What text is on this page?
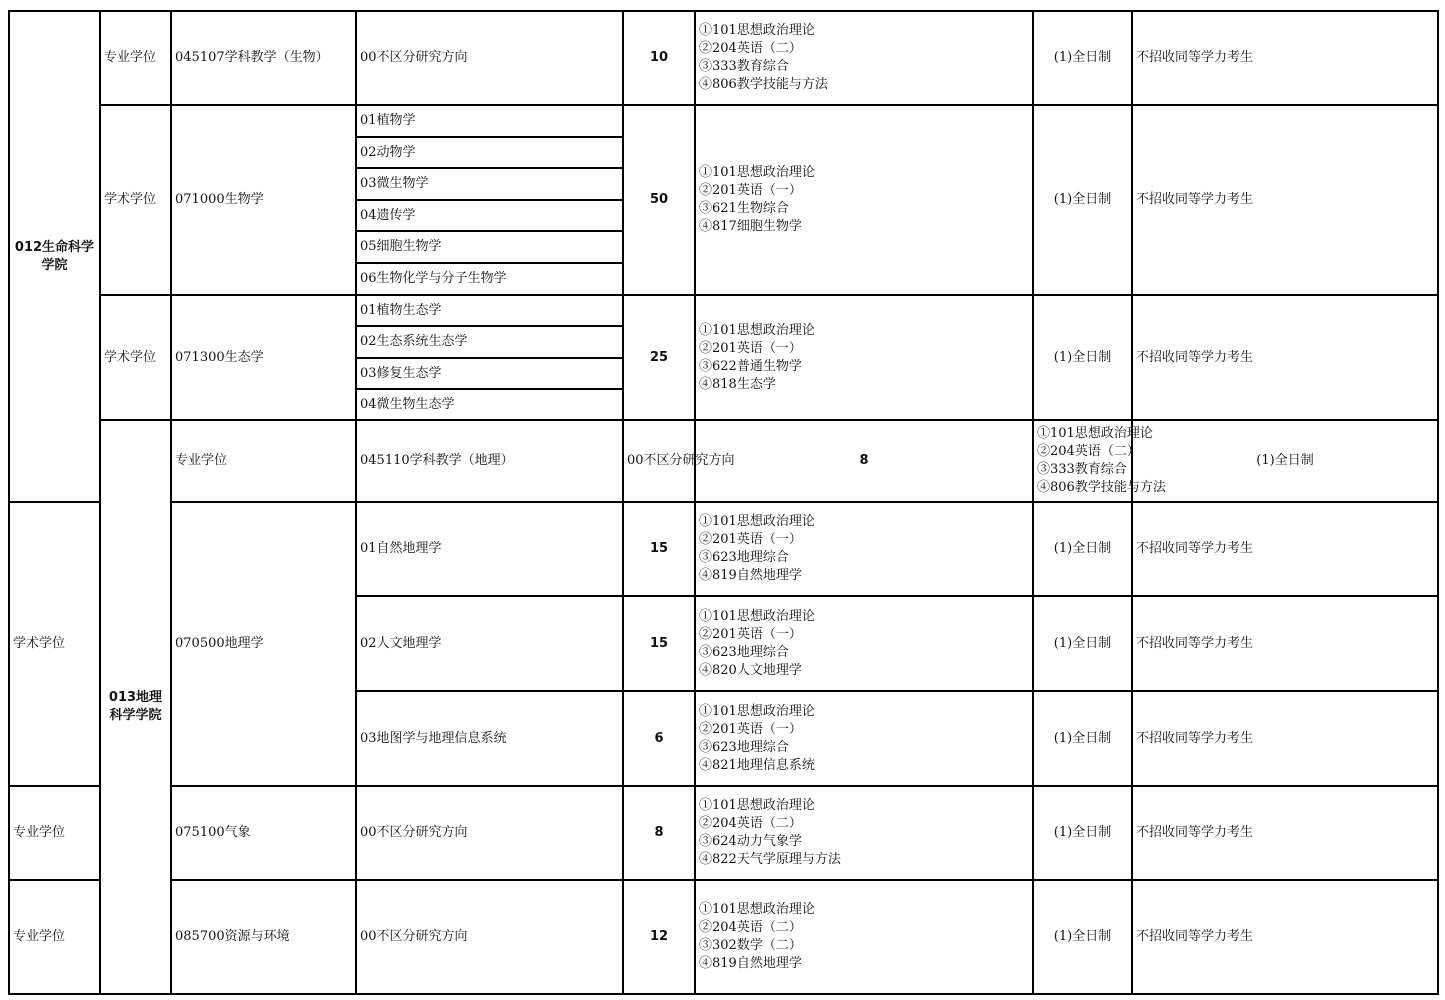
012生命科学学院	专业学位	045107学科教学（生物）	00不区分研究方向	10	①101思想政治理论
②204英语（二）
③333教育综合
④806教学技能与方法	(1)全日制	不招收同等学力考生	
	学术学位	071000生物学	01植物学	50	①101思想政治理论
②201英语（一）
③621生物综合
④817细胞生物学	(1)全日制	不招收同等学力考生	
			02动物学					
			03微生物学					
			04遗传学					
			05细胞生物学					
			06生物化学与分子生物学					
	学术学位	071300生态学	01植物生态学	25	①101思想政治理论
②201英语（一）
③622普通生物学
④818生态学	(1)全日制	不招收同等学力考生	
			02生态系统生态学					
			03修复生态学					
			04微生物生态学					
	013地理科学学院	专业学位	045110学科教学（地理）	00不区分研究方向	8	①101思想政治理论
②204英语（二）
③333教育综合
④806教学技能与方法	(1)全日制	
学术学位		070500地理学	01自然地理学	15	①101思想政治理论
②201英语（一）
③623地理综合
④819自然地理学	(1)全日制	不招收同等学力考生	
			02人文地理学	15	①101思想政治理论
②201英语（一）
③623地理综合
④820人文地理学	(1)全日制	不招收同等学力考生	
			03地图学与地理信息系统	6	①101思想政治理论
②201英语（一）
③623地理综合
④821地理信息系统	(1)全日制	不招收同等学力考生	
专业学位		075100气象	00不区分研究方向	8	①101思想政治理论
②204英语（二）
③624动力气象学
④822天气学原理与方法	(1)全日制	不招收同等学力考生	
专业学位		085700资源与环境	00不区分研究方向	12	①101思想政治理论
②204英语（二）
③302数学（二）
④819自然地理学	(1)全日制	不招收同等学力考生	
